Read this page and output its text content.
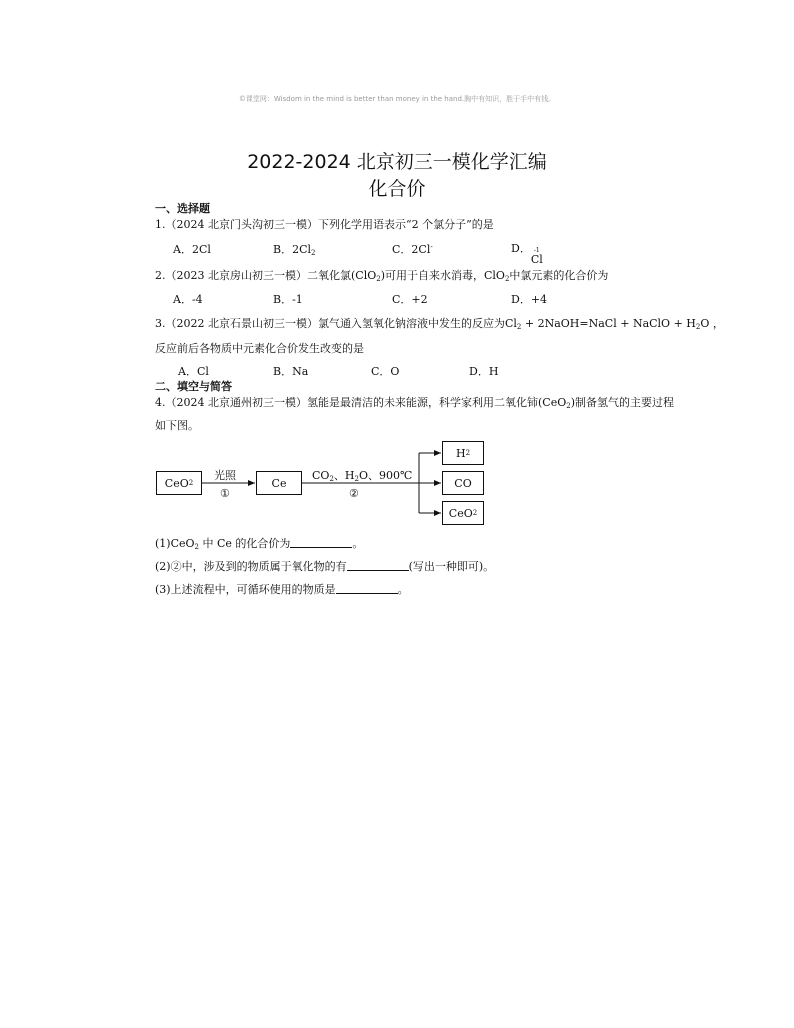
©课堂网：Wisdom in the mind is better than money in the hand.胸中有知识，胜于手中有钱。
2022-2024 北京初三一模化学汇编
化合价
一、选择题
1.（2024 北京门头沟初三一模）下列化学用语表示“2 个氯分子”的是
A．2Cl	B．$2Cl_2$	C．2Cl-	D． -1
Cl
2.（2023 北京房山初三一模）二氧化氯(ClO$_2$)可用于自来水消毒，ClO$_2$中氯元素的化合价为
A．-4	B．-1	C．+2	D．+4
3.（2022 北京石景山初三一模）氯气通入氢氧化钠溶液中发生的反应为$Cl_2$ + 2NaOH=NaCl + NaClO + $H_2O$ ，
反应前后各物质中元素化合价发生改变的是
A．Cl	B．Na	C．O	D．H
二、填空与简答
4.（2024 北京通州初三一模）氢能是最清洁的未来能源，科学家利用二氧化铈(CeO$_2$)制备氢气的主要过程
如下图。
CeO 2
光照
①
Ce
$CO_2$、$H_2O$、900℃
②
H 2
CO
CeO 2
(1)CeO$_2$ 中 Ce 的化合价为	。
(2)②中，涉及到的物质属于氧化物的有	(写出一种即可)。
(3)上述流程中，可循环使用的物质是	。
